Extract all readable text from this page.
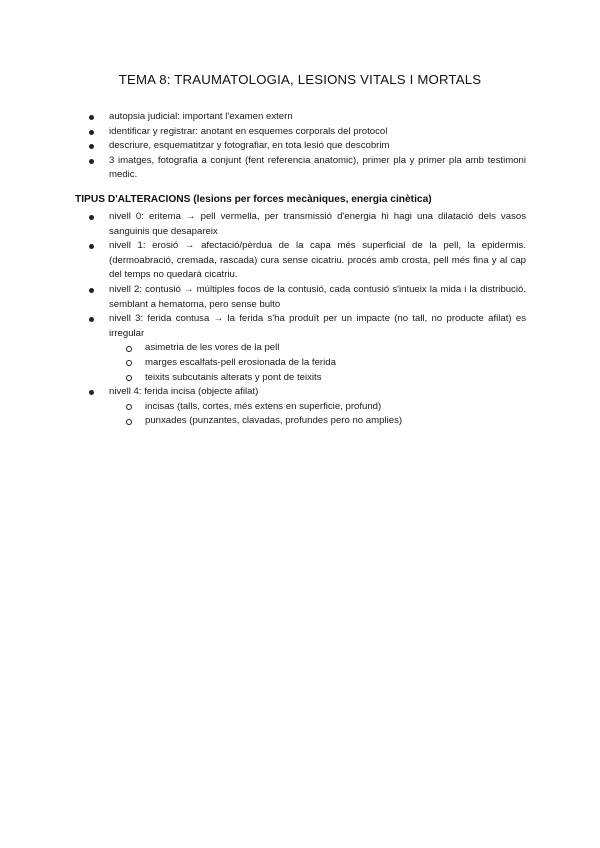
TEMA 8: TRAUMATOLOGIA, LESIONS VITALS I MORTALS
autopsia judicial: important l'examen extern
identificar y registrar: anotant en esquemes corporals del protocol
descriure, esquematitzar y fotografiar, en tota lesió que descobrim
3 imatges, fotografia a conjunt (fent referencia anatomic), primer pla y primer pla amb testimoni medic.
TIPUS D'ALTERACIONS (lesions per forces mecàniques, energia cinètica)
nivell 0: eritema → pell vermella, per transmissió d'energia hi hagi una dilatació dels vasos sanguinis que desapareix
nivell 1: erosió → afectació/pèrdua de la capa més superficial de la pell, la epidermis. (dermoabració, cremada, rascada) cura sense cicatriu. procés amb crosta, pell més fina y al cap del temps no quedarà cicatriu.
nivell 2: contusió → múltiples focos de la contusió, cada contusió s'intueix la mida i la distribució. semblant a hematoma, pero sense bulto
nivell 3: ferida contusa → la ferida s'ha produït per un impacte (no tall, no producte afilat) es irregular
asimetria de les vores de la pell
marges escalfats-pell erosionada de la ferida
teixits subcutanis alterats y pont de teixits
nivell 4: ferida incisa (objecte afilat)
incisas (talls, cortes, més extens en superficie, profund)
punxades (punzantes, clavadas, profundes pero no amplies)
